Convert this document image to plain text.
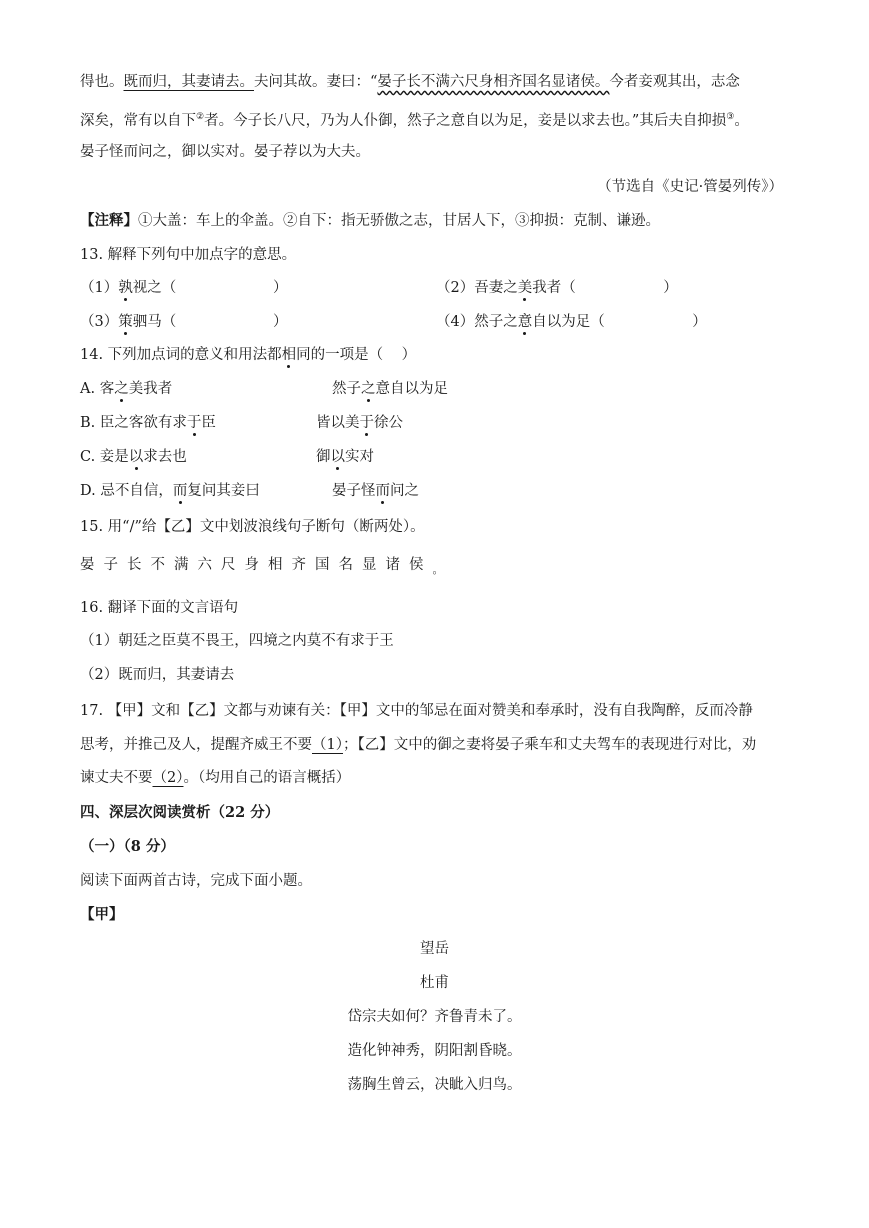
得也。既而归，其妻请去。夫问其故。妻曰：“晏子长不满六尺身相齐国名显诸侯。今者妾观其出，志念
深矣，常有以自下②者。今子长八尺，乃为人仆御，然子之意自以为足，妾是以求去也。”其后夫自抑损③。
晏子怪而问之，御以实对。晏子荐以为大夫。
（节选自《史记·管晏列传》）
【注释】①大盖：车上的伞盖。②自下：指无骄傲之志，甘居人下，③抑损：克制、谦逊。
13. 解释下列句中加点字的意思。
（1）孰视之（                     ）	（2）吾妻之美我者（                   ）
（3）策驷马（                     ）	（4）然子之意自以为足（                   ）
14. 下列加点词的意义和用法都相同的一项是（    ）
A. 客之美我者	然子之意自以为足
B. 臣之客欲有求于臣	皆以美于徐公
C. 妾是以求去也	御以实对
D. 忌不自信，而复问其妾曰	晏子怪而问之
15. 用“/”给【乙】文中划波浪线句子断句（断两处）。
晏子长不满六尺身相齐国名显诸侯$_。$
16. 翻译下面的文言语句
（1）朝廷之臣莫不畏王，四境之内莫不有求于王
（2）既而归，其妻请去
17. 【甲】文和【乙】文都与劝谏有关：【甲】文中的邹忌在面对赞美和奉承时，没有自我陶醉，反而冷静
思考，并推己及人，提醒齐威王不要（1）；【乙】文中的御之妻将晏子乘车和丈夫驾车的表现进行对比，劝
谏丈夫不要（2）。（均用自己的语言概括）
四、深层次阅读赏析（22 分）
（一）（8 分）
阅读下面两首古诗，完成下面小题。
【甲】
望岳
杜甫
岱宗夫如何？齐鲁青未了。
造化钟神秀，阴阳割昏晓。
荡胸生曾云，决眦入归鸟。
